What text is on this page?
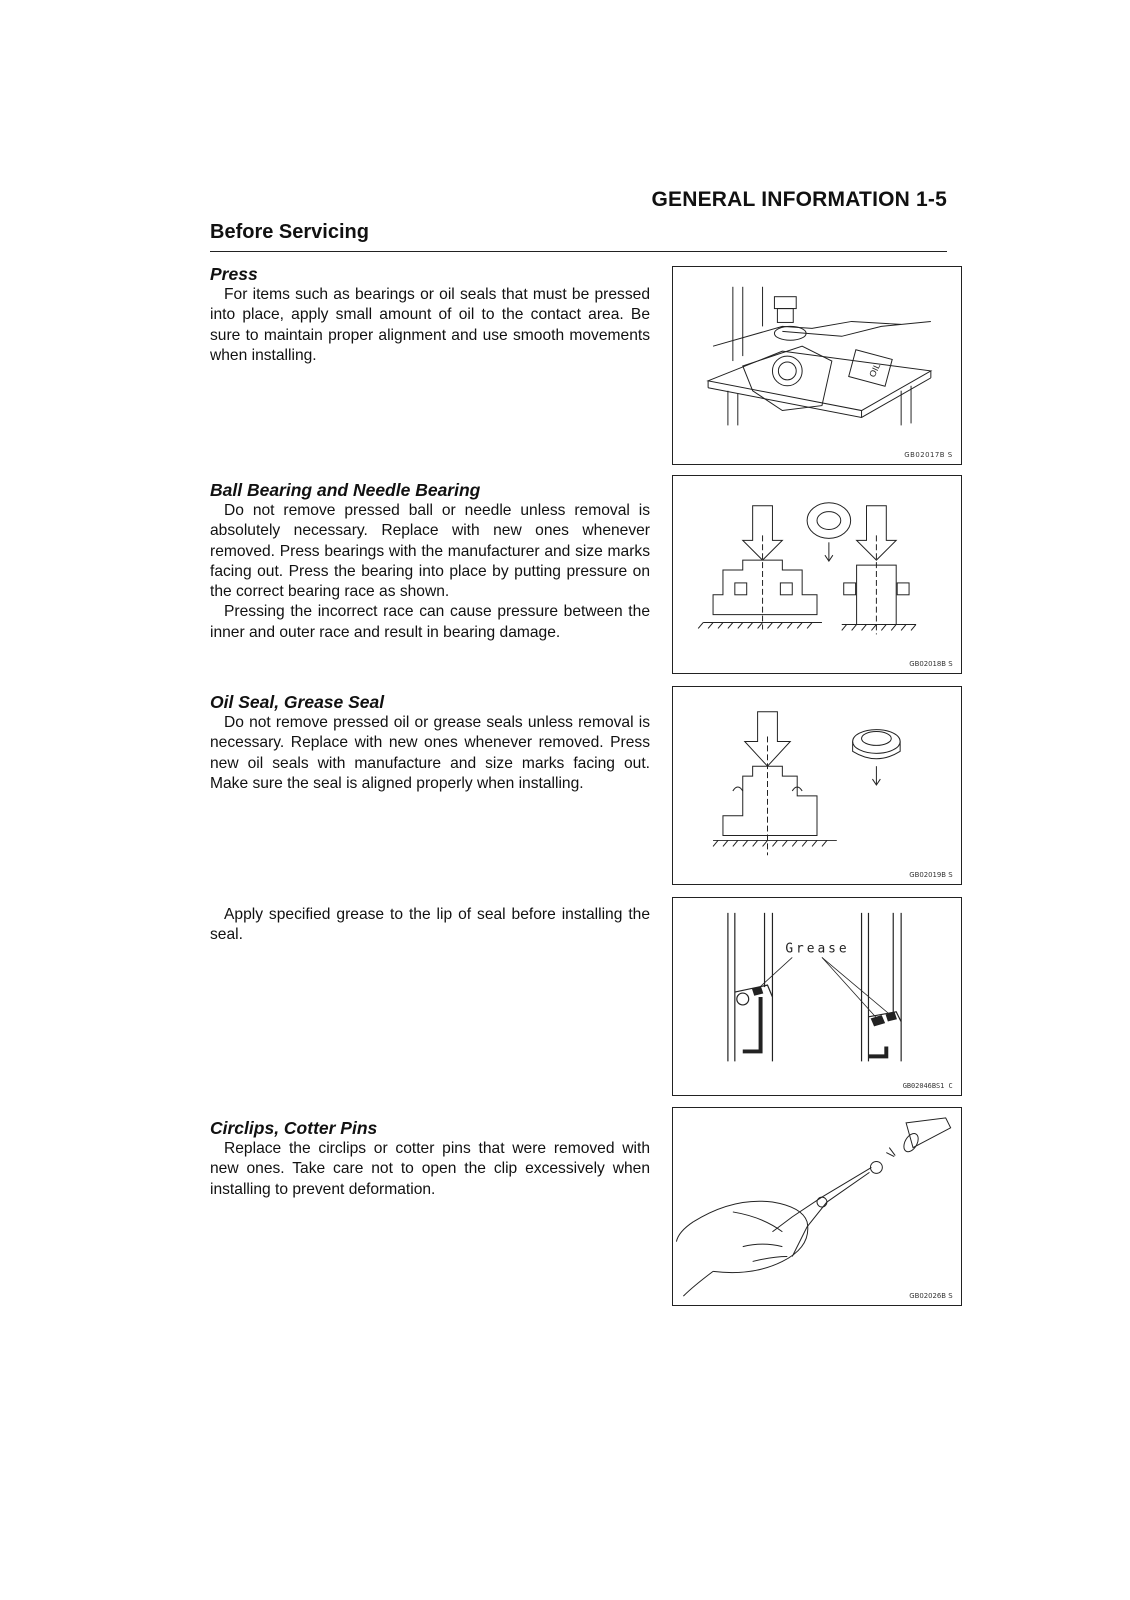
GENERAL INFORMATION 1-5
Before Servicing
Press

For items such as bearings or oil seals that must be pressed into place, apply small amount of oil to the contact area. Be sure to maintain proper alignment and use smooth movements when installing.

Ball Bearing and Needle Bearing

Do not remove pressed ball or needle unless removal is absolutely necessary. Replace with new ones whenever removed. Press bearings with the manufacturer and size marks facing out. Press the bearing into place by putting pressure on the correct bearing race as shown.

Pressing the incorrect race can cause pressure between the inner and outer race and result in bearing damage.

Oil Seal, Grease Seal

Do not remove pressed oil or grease seals unless removal is necessary. Replace with new ones whenever removed. Press new oil seals with manufacture and size marks facing out. Make sure the seal is aligned properly when installing.

Apply specified grease to the lip of seal before installing the seal.

Circlips, Cotter Pins

Replace the circlips or cotter pins that were removed with new ones. Take care not to open the clip excessively when installing to prevent deformation.

OIL
GB02017B S
GB02018B S
GB02019B S
Grease
GB02046BS1 C
GB02026B S
